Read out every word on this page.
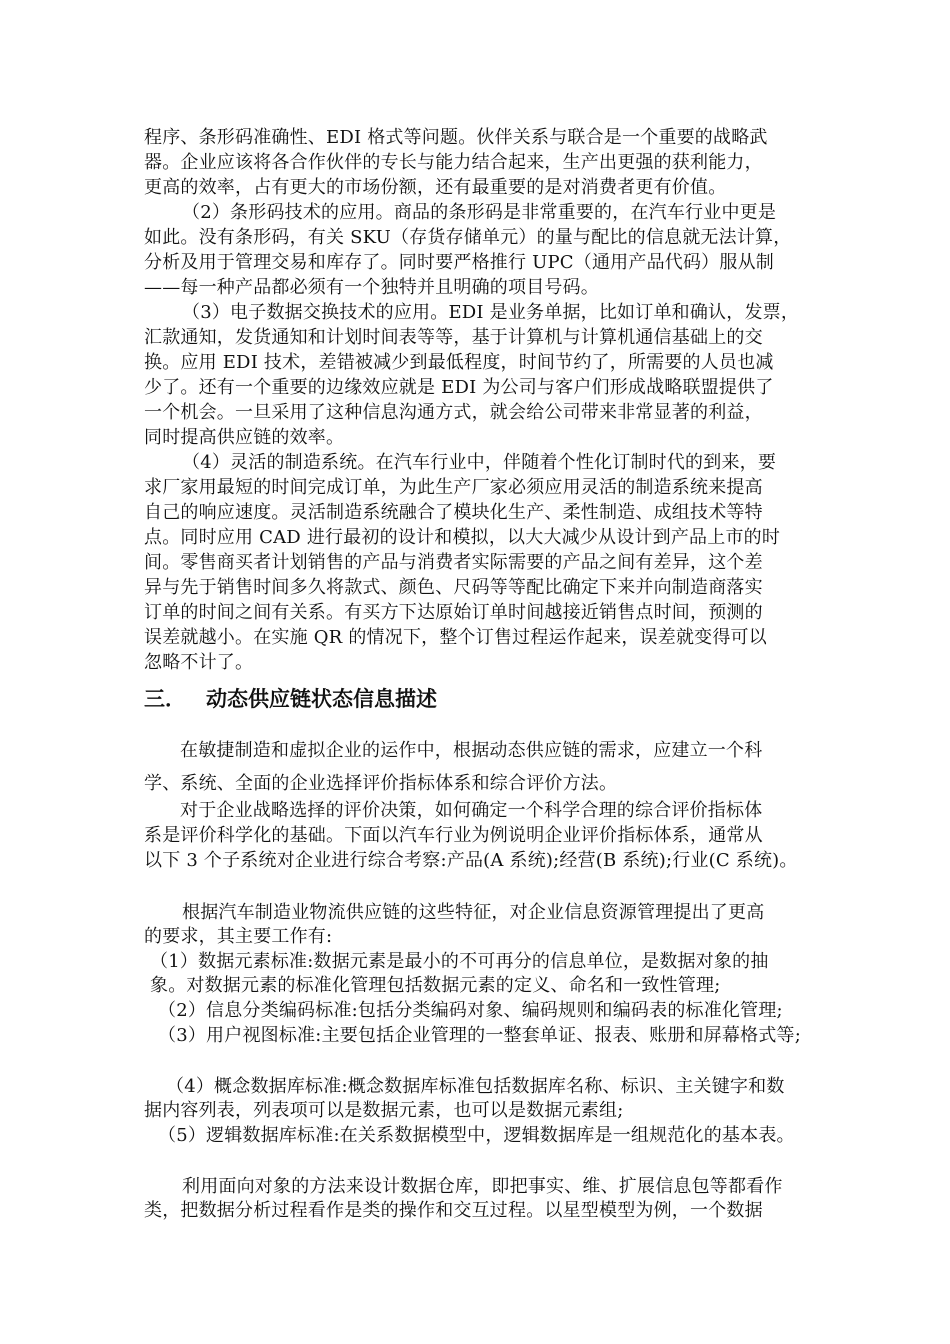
程序、条形码准确性、EDI 格式等问题。伙伴关系与联合是一个重要的战略武
器。企业应该将各合作伙伴的专长与能力结合起来，生产出更强的获利能力，
更高的效率，占有更大的市场份额，还有最重要的是对消费者更有价值。
（2）条形码技术的应用。商品的条形码是非常重要的，在汽车行业中更是
如此。没有条形码，有关 SKU（存货存储单元）的量与配比的信息就无法计算，
分析及用于管理交易和库存了。同时要严格推行 UPC（通用产品代码）服从制
——每一种产品都必须有一个独特并且明确的项目号码。
（3）电子数据交换技术的应用。EDI 是业务单据，比如订单和确认，发票，
汇款通知，发货通知和计划时间表等等，基于计算机与计算机通信基础上的交
换。应用 EDI 技术，差错被减少到最低程度，时间节约了，所需要的人员也减
少了。还有一个重要的边缘效应就是 EDI 为公司与客户们形成战略联盟提供了
一个机会。一旦采用了这种信息沟通方式，就会给公司带来非常显著的利益，
同时提高供应链的效率。
（4）灵活的制造系统。在汽车行业中，伴随着个性化订制时代的到来，要
求厂家用最短的时间完成订单，为此生产厂家必须应用灵活的制造系统来提高
自己的响应速度。灵活制造系统融合了模块化生产、柔性制造、成组技术等特
点。同时应用 CAD 进行最初的设计和模拟，以大大减少从设计到产品上市的时
间。零售商买者计划销售的产品与消费者实际需要的产品之间有差异，这个差
异与先于销售时间多久将款式、颜色、尺码等等配比确定下来并向制造商落实
订单的时间之间有关系。有买方下达原始订单时间越接近销售点时间，预测的
误差就越小。在实施 QR 的情况下，整个订售过程运作起来，误差就变得可以
忽略不计了。
三． 动态供应链状态信息描述
在敏捷制造和虚拟企业的运作中，根据动态供应链的需求，应建立一个科
学、系统、全面的企业选择评价指标体系和综合评价方法。
对于企业战略选择的评价决策，如何确定一个科学合理的综合评价指标体
系是评价科学化的基础。下面以汽车行业为例说明企业评价指标体系，通常从
以下 3 个子系统对企业进行综合考察:产品(A 系统);经营(B 系统);行业(C 系统)。
根据汽车制造业物流供应链的这些特征，对企业信息资源管理提出了更高
的要求，其主要工作有:
（1）数据元素标准:数据元素是最小的不可再分的信息单位，是数据对象的抽
象。对数据元素的标准化管理包括数据元素的定义、命名和一致性管理;
（2）信息分类编码标准:包括分类编码对象、编码规则和编码表的标准化管理;
（3）用户视图标准:主要包括企业管理的一整套单证、报表、账册和屏幕格式等;
（4）概念数据库标准:概念数据库标准包括数据库名称、标识、主关键字和数
据内容列表，列表项可以是数据元素，也可以是数据元素组;
（5）逻辑数据库标准:在关系数据模型中，逻辑数据库是一组规范化的基本表。
利用面向对象的方法来设计数据仓库，即把事实、维、扩展信息包等都看作
类，把数据分析过程看作是类的操作和交互过程。以星型模型为例，一个数据
